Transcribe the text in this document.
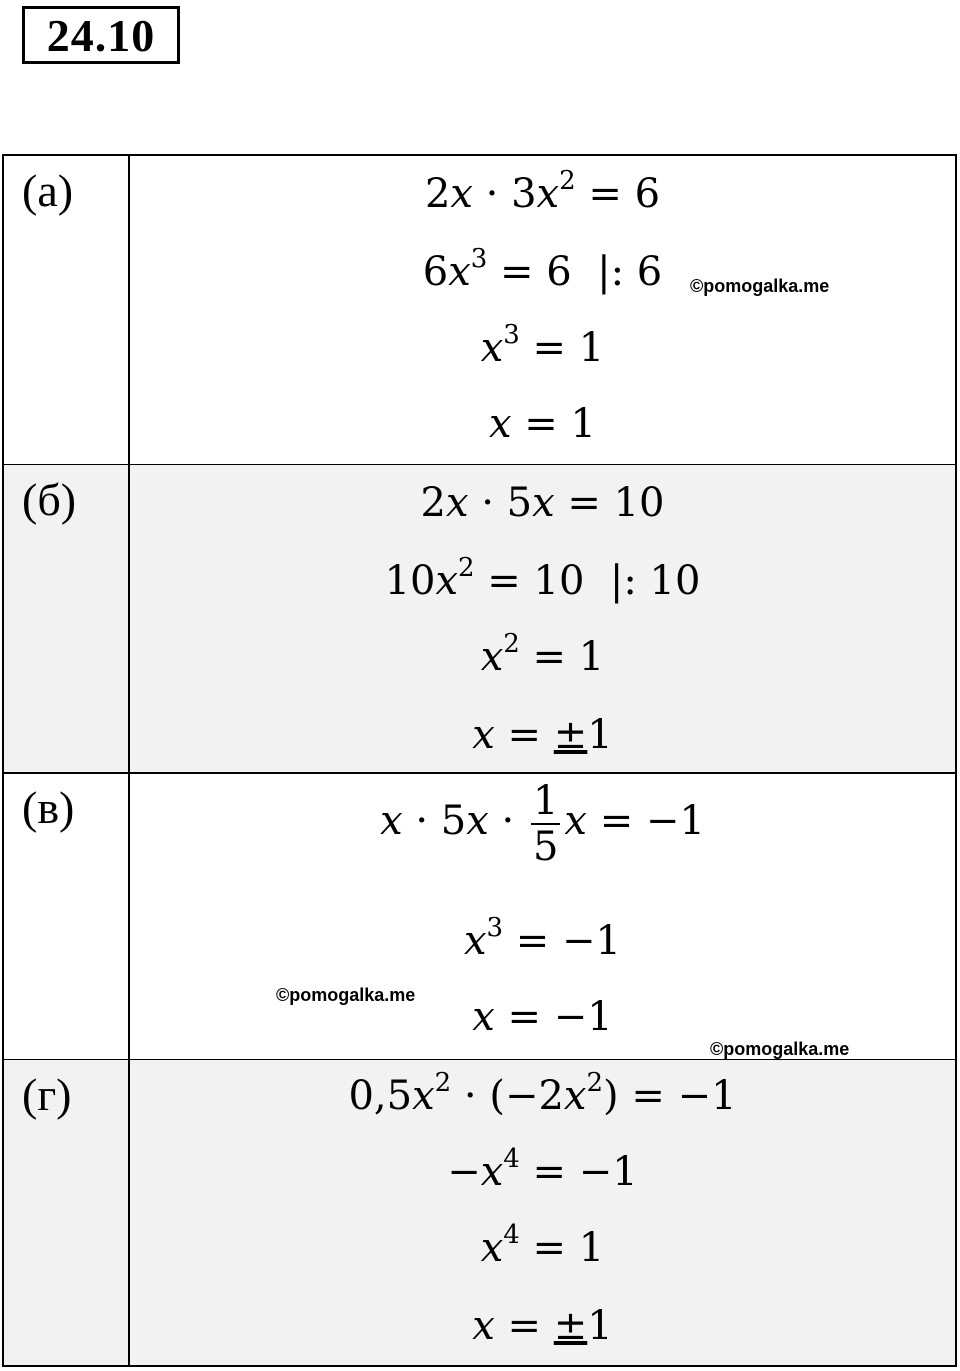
24.10
(а)	$2x \cdot 3x^2 = 6$
$6x^3 = 6$  |: 6
$x^3 = 1$
x = 1
©pomogalka.me
(б)	2x · 5x = 10
$10x^2 = 10$  |: 10
$x^2 = 1$
x = ±1
(в)	$x \cdot 5x \cdot \frac{1}{5}$ x = −1
$x^3 = -1$
x = −1
©pomogalka.me
©pomogalka.me
(г)	$0,5x^2 \cdot (-2x^2) = -1$
$-x^4 = -1$
$x^4 = 1$
x = ±1
